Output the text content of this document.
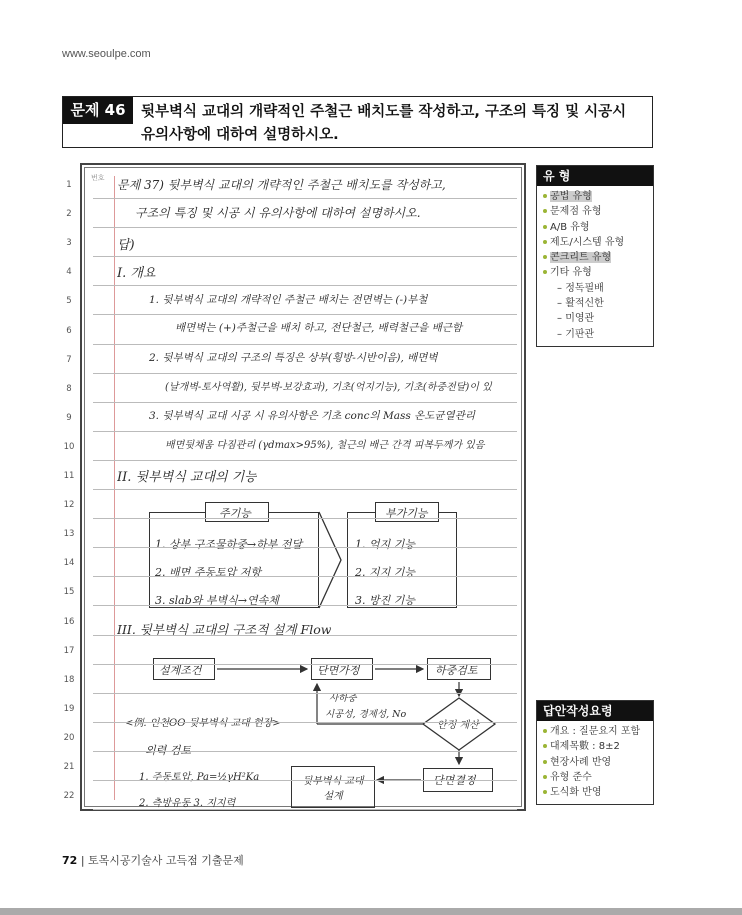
www.seoulpe.com
문제 46	뒷부벽식 교대의 개략적인 주철근 배치도를 작성하고, 구조의 특징 및 시공시 유의사항에 대하여 설명하시오.
번호 문제 37) 뒷부벽식 교대의 개략적인 주철근 배치도를 작성하고,
구조의 특징 및 시공 시 유의사항에 대하여 설명하시오.
답)
I. 개요
1. 뒷부벽식 교대의 개략적인 주철근 배치는 전면벽는 (-)부철
배면벽는 (+)주철근을 배치 하고, 전단철근, 배력철근을 배근함
2. 뒷부벽식 교대의 구조의 특징은 상부(횡방-시반이음), 배면벽
(날개벽-토사역활), 뒷부벽-보강효과), 기초(억지기능), 기초(하중전달)이 있
3. 뒷부벽식 교대 시공 시 유의사항은 기초 conc의 Mass 온도균열관리
배면뒷채움 다짐관리 (γdmax>95%), 철근의 배근 간격 피복두께가 있음
II. 뒷부벽식 교대의 기능
주기능
1. 상부 구조물하중→하부 전달
2. 배면 주동토압 저항
3. slab와 부벽식→연속체
부가기능
1. 억지 기능
2. 지지 기능
3. 방진 기능
III. 뒷부벽식 교대의 구조적 설계 Flow
설계조건	단면가정	하중검토
사하중
시공성, 경제성, No
<例. 인천OO 뒷부벽식 교대 현장>	안정 계산
외력 검토
1. 주동토압, Pa=½γH²Ka
2. 측방유동 3. 지지력
뒷부벽식 교대 설계
단면결정
1
2
3
4
5
6
7
8
9
10
11
12
13
14
15
16
17
18
19
20
21
22
유 형
공법 유형
문제점 유형
A/B 유형
제도/시스템 유형
콘크리트 유형
기타 유형
– 정독필배
– 활적신한
– 미영관
– 기판관
답안작성요령
개요 : 질문요지 포함
대제목數 : 8±2
현장사례 반영
유형 준수
도식화 반영
72 | 토목시공기술사 고득점 기출문제
